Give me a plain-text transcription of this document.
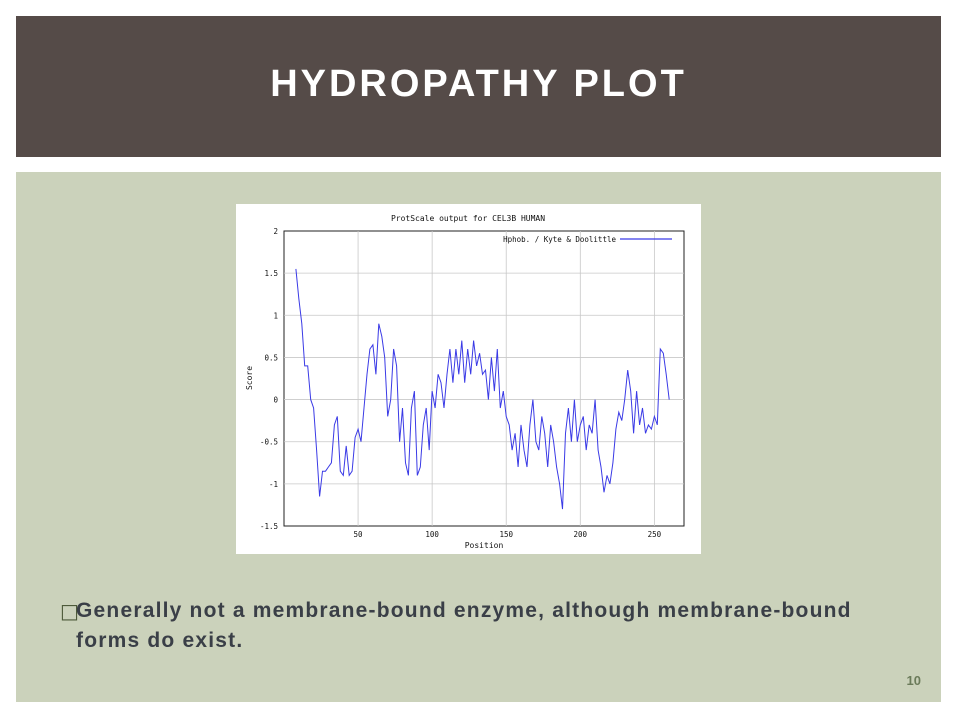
HYDROPATHY PLOT
50	100	150	200	250
-1.5
-1
-0.5
0
0.5
1
1.5
2
ProtScale output for CEL3B HUMAN
Position
Score
Hphob. / Kyte & Doolittle
□
Generally not a membrane-bound enzyme, although membrane-bound forms do exist.
10
